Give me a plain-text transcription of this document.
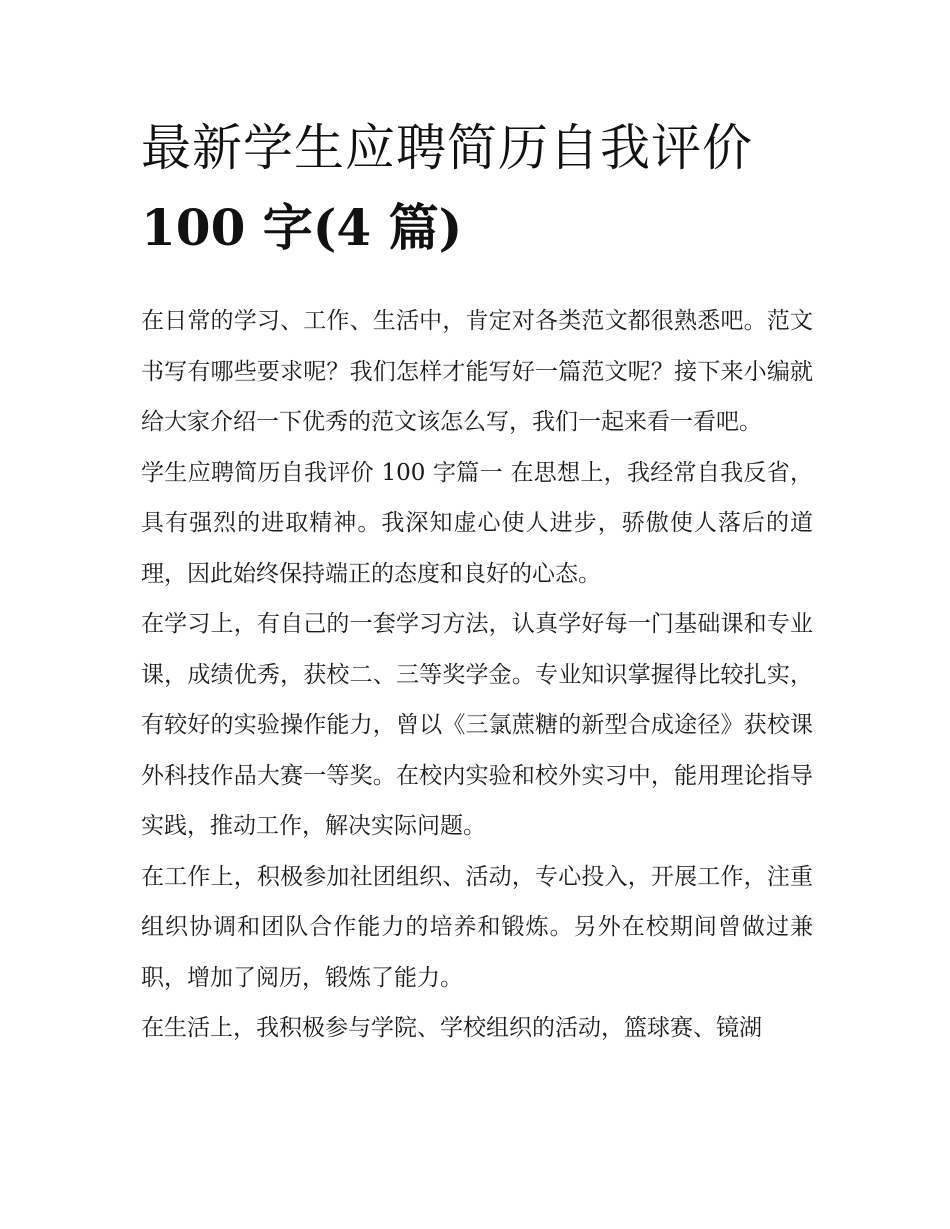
最新学生应聘简历自我评价
100 字(4 篇)

在日常的学习、工作、生活中，肯定对各类范文都很熟悉吧。范文书写有哪些要求呢？我们怎样才能写好一篇范文呢？接下来小编就给大家介绍一下优秀的范文该怎么写，我们一起来看一看吧。

学生应聘简历自我评价 100 字篇一 在思想上，我经常自我反省，具有强烈的进取精神。我深知虚心使人进步，骄傲使人落后的道理，因此始终保持端正的态度和良好的心态。

在学习上，有自己的一套学习方法，认真学好每一门基础课和专业课，成绩优秀，获校二、三等奖学金。专业知识掌握得比较扎实，有较好的实验操作能力，曾以《三氯蔗糖的新型合成途径》获校课外科技作品大赛一等奖。在校内实验和校外实习中，能用理论指导实践，推动工作，解决实际问题。

在工作上，积极参加社团组织、活动，专心投入，开展工作，注重组织协调和团队合作能力的培养和锻炼。另外在校期间曾做过兼职，增加了阅历，锻炼了能力。

在生活上，我积极参与学院、学校组织的活动，篮球赛、镜湖
